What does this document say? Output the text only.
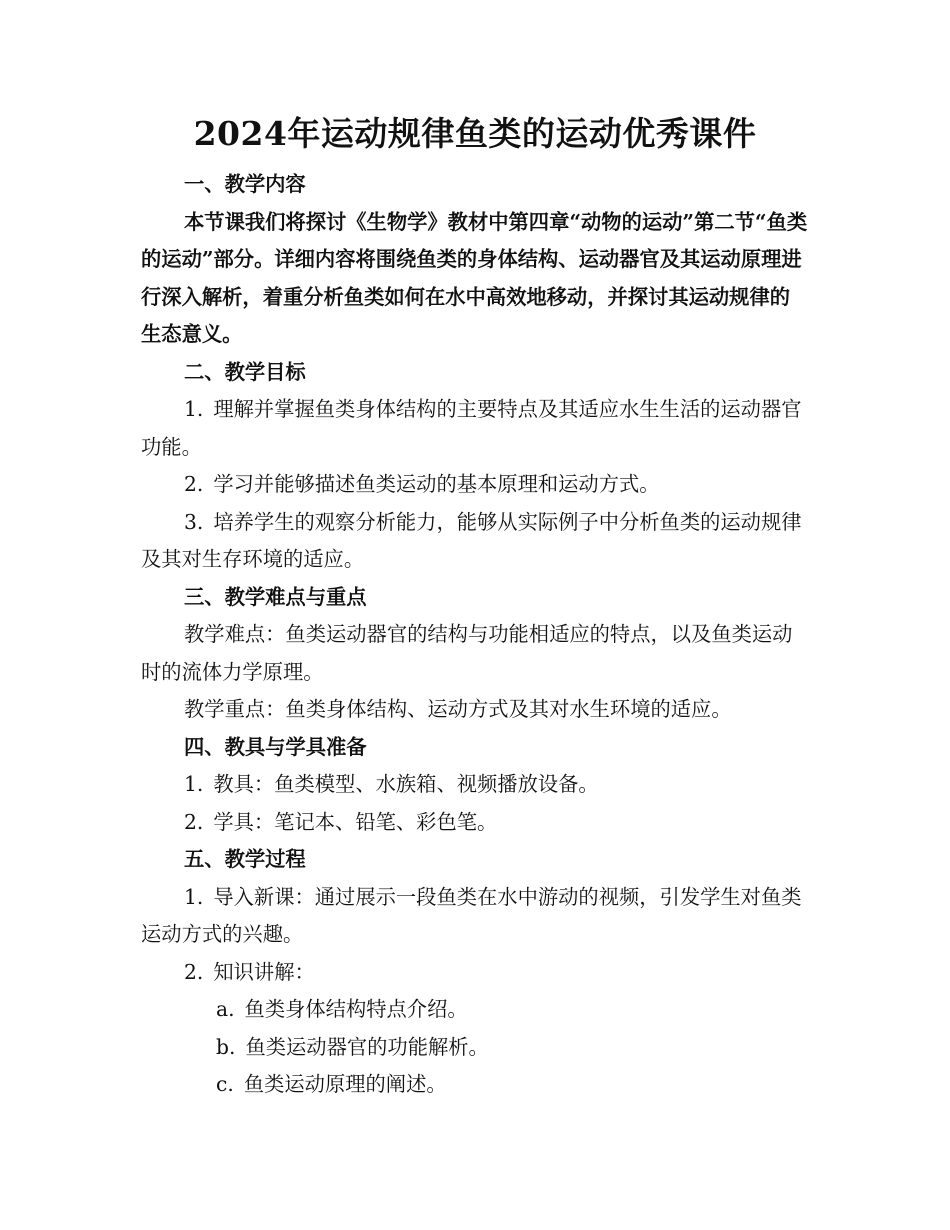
2024年运动规律鱼类的运动优秀课件

一、教学内容

本节课我们将探讨《生物学》教材中第四章“动物的运动”第二节“鱼类的运动”部分。详细内容将围绕鱼类的身体结构、运动器官及其运动原理进行深入解析，着重分析鱼类如何在水中高效地移动，并探讨其运动规律的生态意义。

二、教学目标

1. 理解并掌握鱼类身体结构的主要特点及其适应水生生活的运动器官功能。

2. 学习并能够描述鱼类运动的基本原理和运动方式。

3. 培养学生的观察分析能力，能够从实际例子中分析鱼类的运动规律及其对生存环境的适应。

三、教学难点与重点

教学难点：鱼类运动器官的结构与功能相适应的特点，以及鱼类运动时的流体力学原理。

教学重点：鱼类身体结构、运动方式及其对水生环境的适应。

四、教具与学具准备

1. 教具：鱼类模型、水族箱、视频播放设备。

2. 学具：笔记本、铅笔、彩色笔。

五、教学过程

1. 导入新课：通过展示一段鱼类在水中游动的视频，引发学生对鱼类运动方式的兴趣。

2. 知识讲解：

a. 鱼类身体结构特点介绍。

b. 鱼类运动器官的功能解析。

c. 鱼类运动原理的阐述。
